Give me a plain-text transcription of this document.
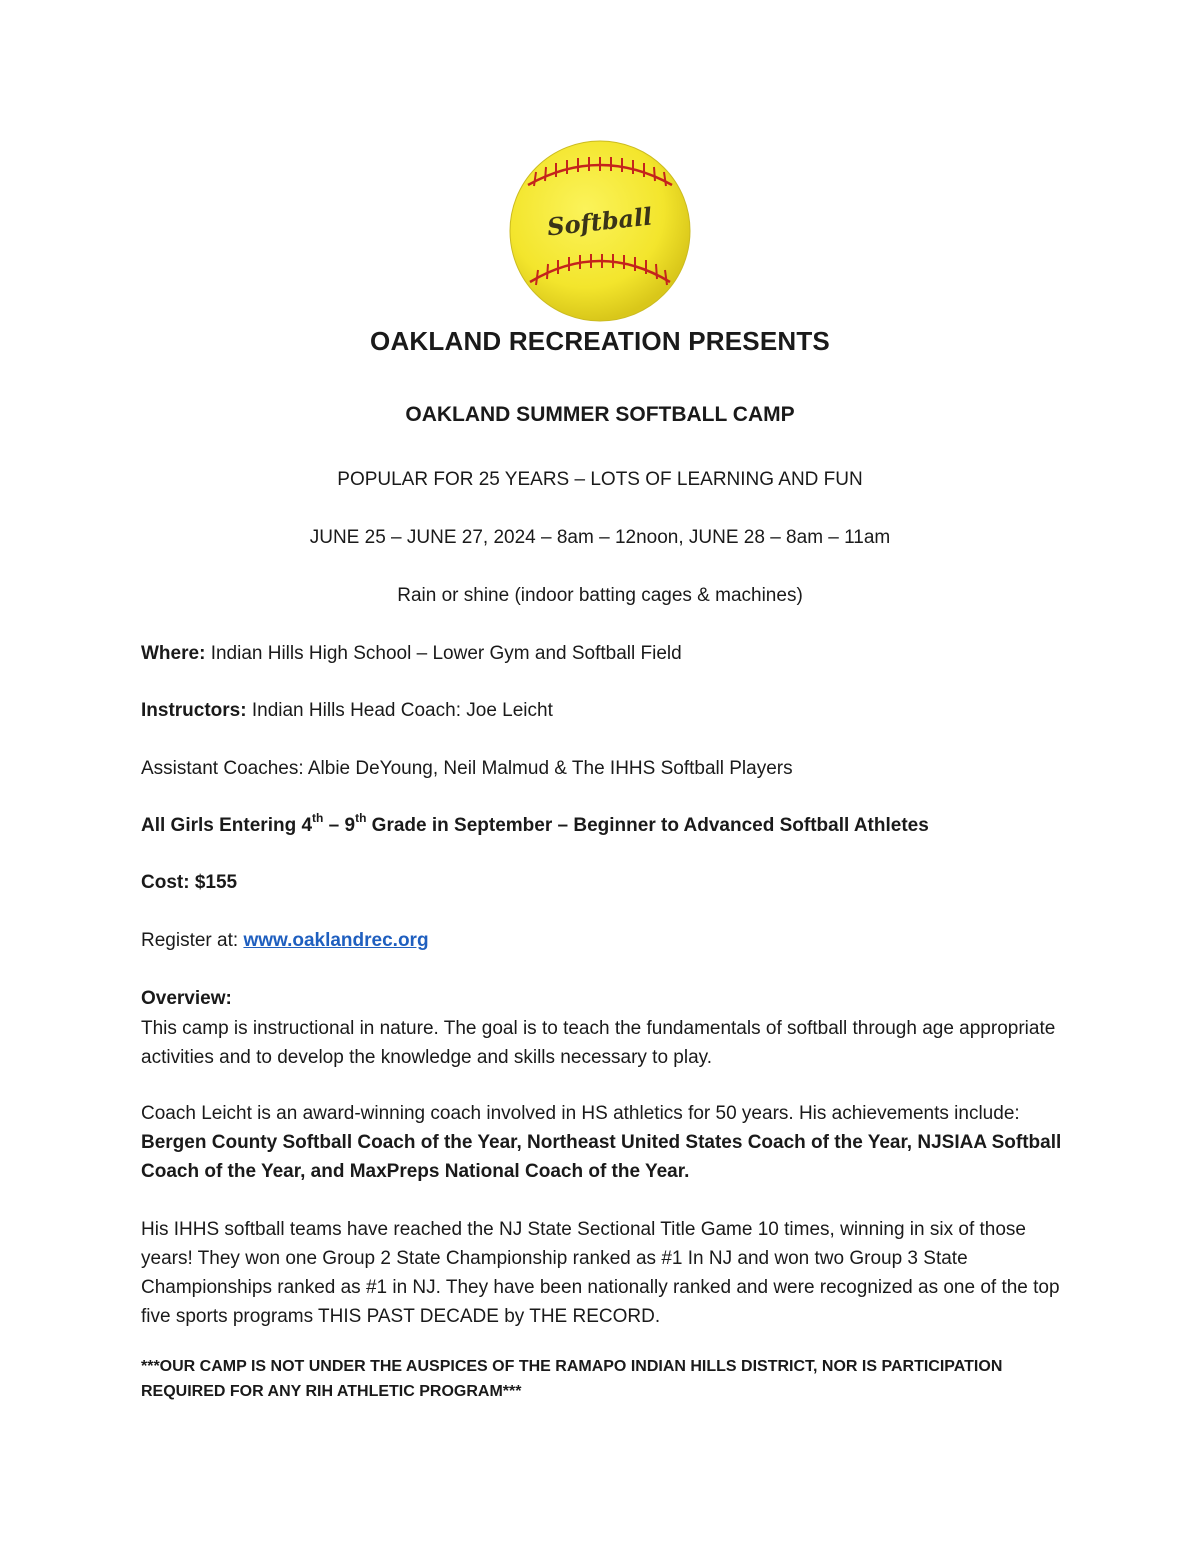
Softball
OAKLAND RECREATION PRESENTS
OAKLAND SUMMER SOFTBALL CAMP
POPULAR FOR 25 YEARS – LOTS OF LEARNING AND FUN
JUNE 25 – JUNE 27, 2024 – 8am – 12noon, JUNE 28 – 8am – 11am
Rain or shine (indoor batting cages & machines)
Where: Indian Hills High School – Lower Gym and Softball Field
Instructors: Indian Hills Head Coach: Joe Leicht
Assistant Coaches: Albie DeYoung, Neil Malmud & The IHHS Softball Players
All Girls Entering 4th – 9th Grade in September – Beginner to Advanced Softball Athletes
Cost: $155
Register at: www.oaklandrec.org
Overview:
This camp is instructional in nature. The goal is to teach the fundamentals of softball through age appropriate activities and to develop the knowledge and skills necessary to play.
Coach Leicht is an award-winning coach involved in HS athletics for 50 years. His achievements include: Bergen County Softball Coach of the Year, Northeast United States Coach of the Year, NJSIAA Softball Coach of the Year, and MaxPreps National Coach of the Year.
His IHHS softball teams have reached the NJ State Sectional Title Game 10 times, winning in six of those years! They won one Group 2 State Championship ranked as #1 In NJ and won two Group 3 State Championships ranked as #1 in NJ. They have been nationally ranked and were recognized as one of the top five sports programs THIS PAST DECADE by THE RECORD.
***OUR CAMP IS NOT UNDER THE AUSPICES OF THE RAMAPO INDIAN HILLS DISTRICT, NOR IS PARTICIPATION REQUIRED FOR ANY RIH ATHLETIC PROGRAM***
